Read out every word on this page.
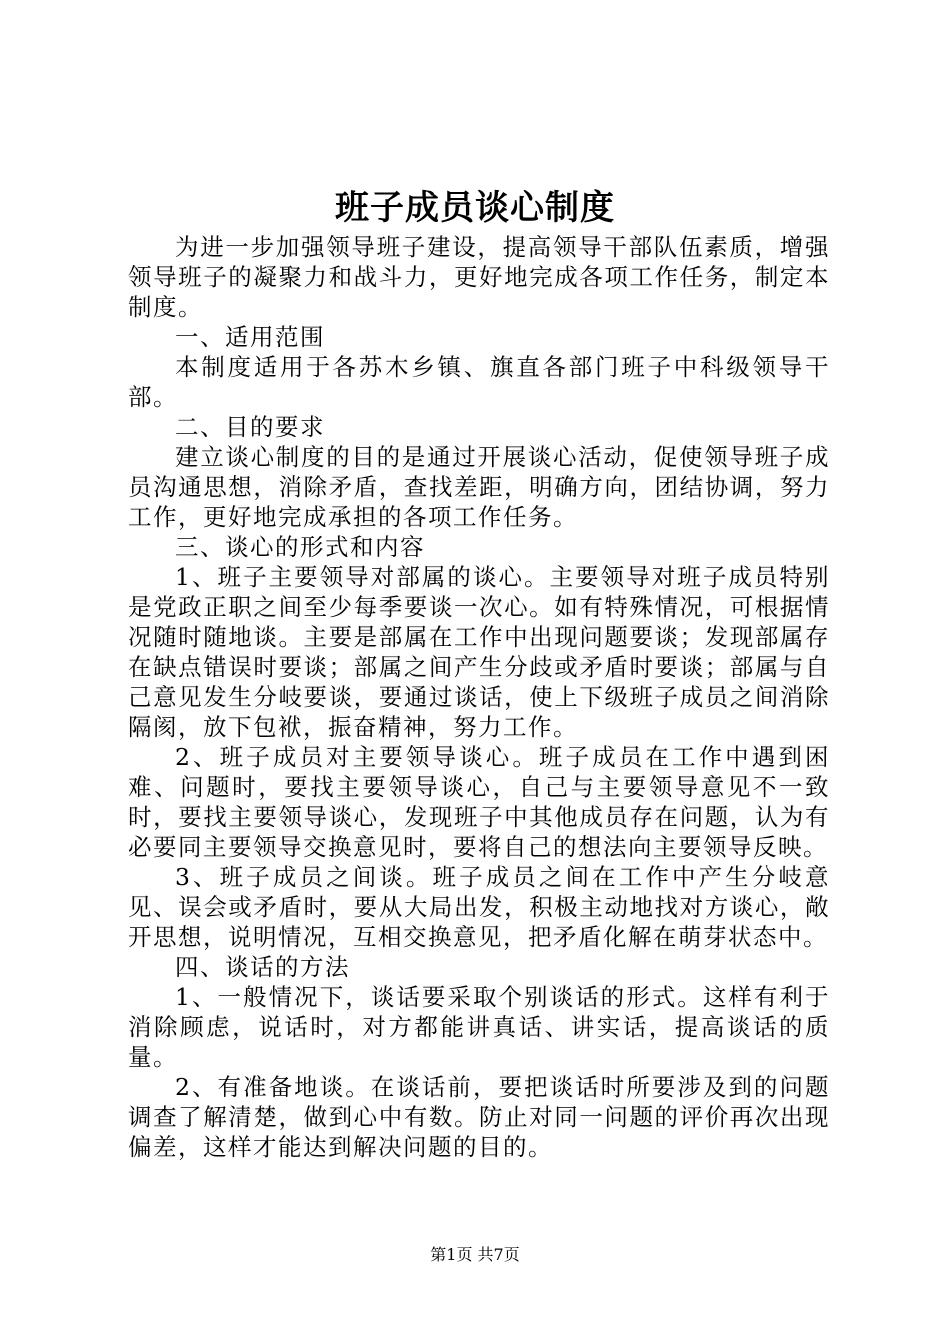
班子成员谈心制度

为进一步加强领导班子建设，提高领导干部队伍素质，增强领导班子的凝聚力和战斗力，更好地完成各项工作任务，制定本制度。

一、适用范围

本制度适用于各苏木乡镇、旗直各部门班子中科级领导干部。

二、目的要求

建立谈心制度的目的是通过开展谈心活动，促使领导班子成员沟通思想，消除矛盾，查找差距，明确方向，团结协调，努力工作，更好地完成承担的各项工作任务。

三、谈心的形式和内容

1、班子主要领导对部属的谈心。主要领导对班子成员特别是党政正职之间至少每季要谈一次心。如有特殊情况，可根据情况随时随地谈。主要是部属在工作中出现问题要谈；发现部属存在缺点错误时要谈；部属之间产生分歧或矛盾时要谈；部属与自己意见发生分岐要谈，要通过谈话，使上下级班子成员之间消除隔阂，放下包袱，振奋精神，努力工作。

2、班子成员对主要领导谈心。班子成员在工作中遇到困难、问题时，要找主要领导谈心，自己与主要领导意见不一致时，要找主要领导谈心，发现班子中其他成员存在问题，认为有必要同主要领导交换意见时，要将自己的想法向主要领导反映。

3、班子成员之间谈。班子成员之间在工作中产生分岐意见、误会或矛盾时，要从大局出发，积极主动地找对方谈心，敞开思想，说明情况，互相交换意见，把矛盾化解在萌芽状态中。

四、谈话的方法

1、一般情况下，谈话要采取个别谈话的形式。这样有利于消除顾虑，说话时，对方都能讲真话、讲实话，提高谈话的质量。

2、有准备地谈。在谈话前，要把谈话时所要涉及到的问题调查了解清楚，做到心中有数。防止对同一问题的评价再次出现偏差，这样才能达到解决问题的目的。

第1页 共7页
